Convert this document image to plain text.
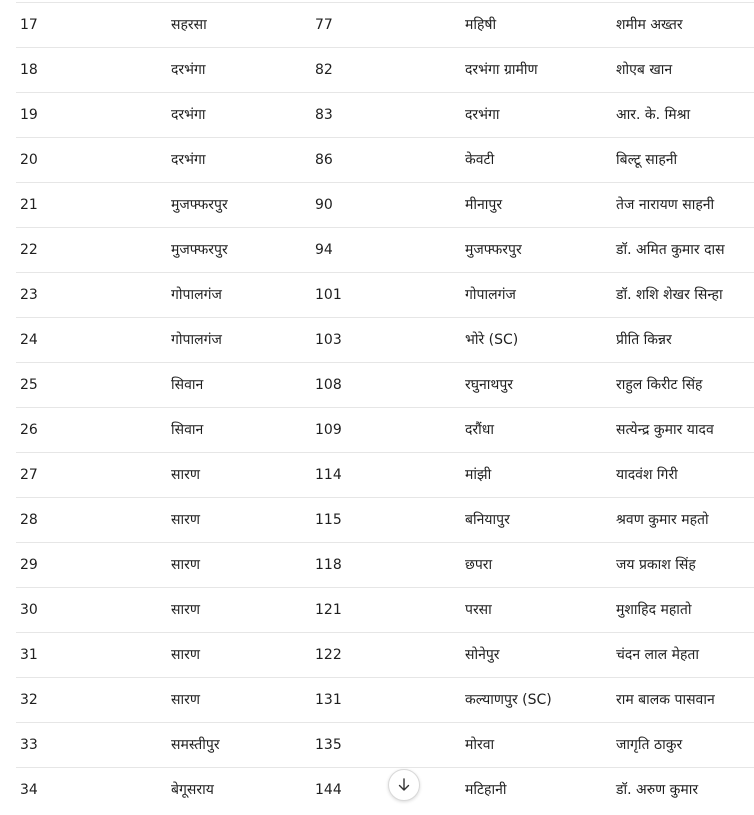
17	सहरसा	77	महिषी	शमीम अख्तर
18	दरभंगा	82	दरभंगा ग्रामीण	शोएब खान
19	दरभंगा	83	दरभंगा	आर. के. मिश्रा
20	दरभंगा	86	केवटी	बिल्टू साहनी
21	मुजफ्फरपुर	90	मीनापुर	तेज नारायण साहनी
22	मुजफ्फरपुर	94	मुजफ्फरपुर	डॉ. अमित कुमार दास
23	गोपालगंज	101	गोपालगंज	डॉ. शशि शेखर सिन्हा
24	गोपालगंज	103	भोरे (SC)	प्रीति किन्नर
25	सिवान	108	रघुनाथपुर	राहुल किरीट सिंह
26	सिवान	109	दरौंधा	सत्येन्द्र कुमार यादव
27	सारण	114	मांझी	यादवंश गिरी
28	सारण	115	बनियापुर	श्रवण कुमार महतो
29	सारण	118	छपरा	जय प्रकाश सिंह
30	सारण	121	परसा	मुशाहिद महातो
31	सारण	122	सोनेपुर	चंदन लाल मेहता
32	सारण	131	कल्याणपुर (SC)	राम बालक पासवान
33	समस्तीपुर	135	मोरवा	जागृति ठाकुर
34	बेगूसराय	144	मटिहानी	डॉ. अरुण कुमार
